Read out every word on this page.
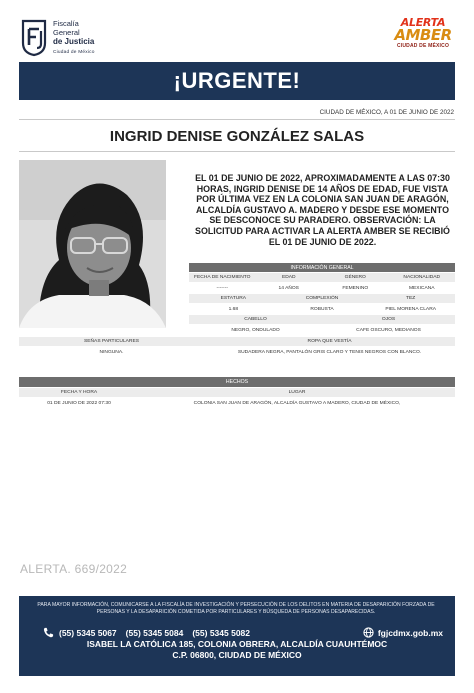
Fiscalía
General
de Justicia
Ciudad de México
ALERTA
AMBER
CIUDAD DE MÉXICO
¡URGENTE!
CIUDAD DE MÉXICO, A 01 DE JUNIO DE 2022
INGRID DENISE GONZÁLEZ SALAS
EL 01 DE JUNIO DE 2022, APROXIMADAMENTE A LAS 07:30 HORAS, INGRID DENISE DE 14 AÑOS DE EDAD, FUE VISTA POR ÚLTIMA VEZ EN LA COLONIA SAN JUAN DE ARAGÓN, ALCALDÍA GUSTAVO A. MADERO Y DESDE ESE MOMENTO SE DESCONOCE SU PARADERO. OBSERVACIÓN: LA SOLICITUD PARA ACTIVAR LA ALERTA AMBER SE RECIBIÓ EL 01 DE JUNIO DE 2022.
INFORMACIÓN GENERAL
FECHA DE NACIMIENTO	EDAD	GÉNERO	NACIONALIDAD
-------	14 AÑOS	FEMENINO	MEXICANA
ESTATURA	COMPLEXIÓN	TEZ
1.68	ROBUSTA	PIEL MORENA CLARA
CABELLO	OJOS
NEGRO, ONDULADO	CAFE OSCURO, MEDIANOS
SEÑAS PARTICULARES	ROPA QUE VESTÍA
NINGUNA.	SUDADERA NEGRA, PANTALÓN GRIS CLARO Y TENIS NEGROS CON BLANCO.
HECHOS
FECHA Y HORA	LUGAR
01 DE JUNIO DE 2022 07:30	COLONIA SAN JUAN DE ARAGÓN, ALCALDÍA GUSTAVO A MADERO, CIUDAD DE MÉXICO,
ALERTA. 669/2022
PARA MAYOR INFORMACIÓN, COMUNICARSE A LA FISCALÍA DE INVESTIGACIÓN Y PERSECUCIÓN DE LOS DELITOS EN MATERIA DE DESAPARICIÓN FORZADA DE PERSONAS Y LA DESAPARICIÓN COMETIDA POR PARTICULARES Y BÚSQUEDA DE PERSONAS DESAPARECIDAS.
(55) 5345 5067 (55) 5345 5084 (55) 5345 5082	fgjcdmx.gob.mx
ISABEL LA CATÓLICA 185, COLONIA OBRERA, ALCALDÍA CUAUHTÉMOC
C.P. 06800, CIUDAD DE MÉXICO
